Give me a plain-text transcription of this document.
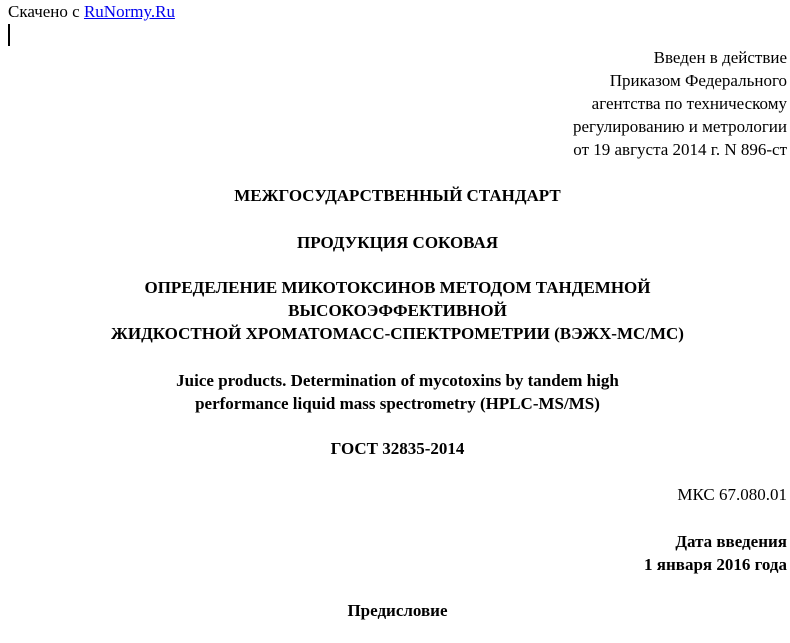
Скачено с RuNormy.Ru
Введен в действие
Приказом Федерального
агентства по техническому
регулированию и метрологии
от 19 августа 2014 г. N 896-ст
МЕЖГОСУДАРСТВЕННЫЙ СТАНДАРТ
ПРОДУКЦИЯ СОКОВАЯ
ОПРЕДЕЛЕНИЕ МИКОТОКСИНОВ МЕТОДОМ ТАНДЕМНОЙ
ВЫСОКОЭФФЕКТИВНОЙ
ЖИДКОСТНОЙ ХРОМАТОМАСС-СПЕКТРОМЕТРИИ (ВЭЖХ-МС/МС)
Juice products. Determination of mycotoxins by tandem high
performance liquid mass spectrometry (HPLC-MS/MS)
ГОСТ 32835-2014
МКС 67.080.01
Дата введения
1 января 2016 года
Предисловие
